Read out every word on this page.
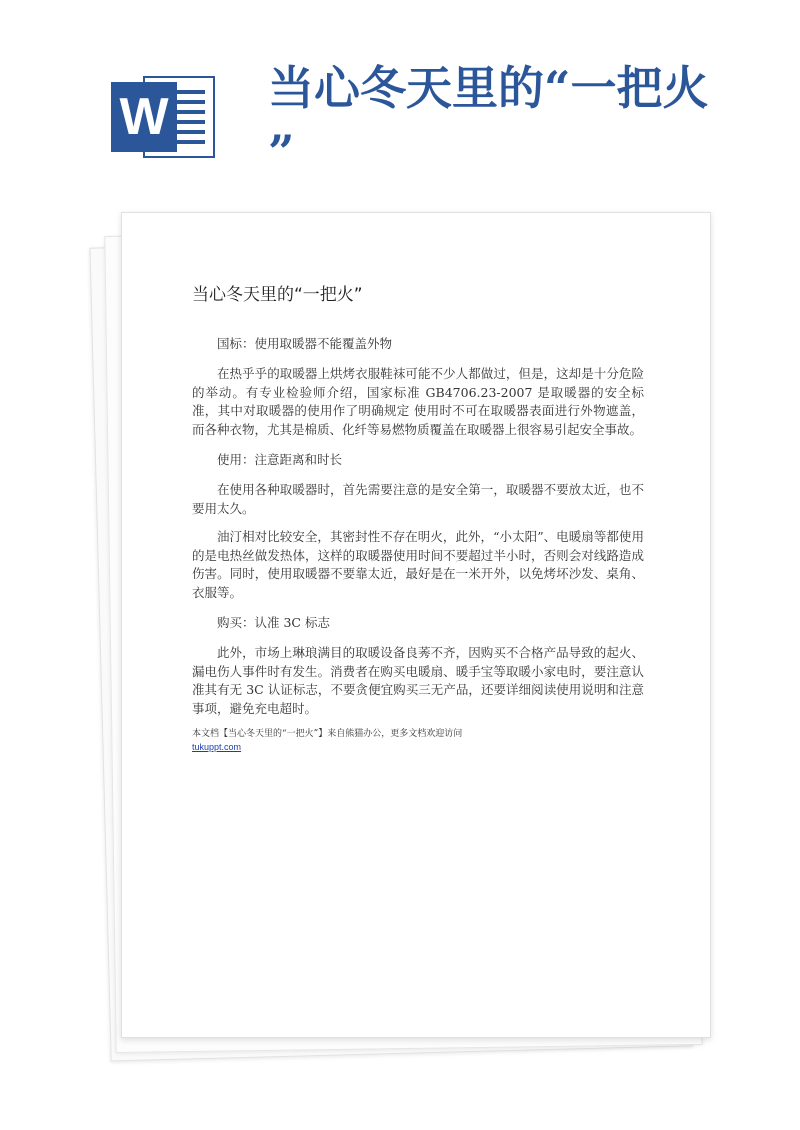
W 当心冬天里的“一把火
”
当心冬天里的“一把火”

国标：使用取暖器不能覆盖外物

在热乎乎的取暖器上烘烤衣服鞋袜可能不少人都做过，但是，这却是十分危险的举动。有专业检验师介绍，国家标准 GB4706.23-2007 是取暖器的安全标准，其中对取暖器的使用作了明确规定 使用时不可在取暖器表面进行外物遮盖，而各种衣物，尤其是棉质、化纤等易燃物质覆盖在取暖器上很容易引起安全事故。

使用：注意距离和时长

在使用各种取暖器时，首先需要注意的是安全第一，取暖器不要放太近，也不要用太久。

油汀相对比较安全，其密封性不存在明火，此外，“小太阳”、电暖扇等都使用的是电热丝做发热体，这样的取暖器使用时间不要超过半小时，否则会对线路造成伤害。同时，使用取暖器不要靠太近，最好是在一米开外，以免烤坏沙发、桌角、衣服等。

购买：认准 3C 标志

此外，市场上琳琅满目的取暖设备良莠不齐，因购买不合格产品导致的起火、漏电伤人事件时有发生。消费者在购买电暖扇、暖手宝等取暖小家电时，要注意认准其有无 3C 认证标志，不要贪便宜购买三无产品，还要详细阅读使用说明和注意事项，避免充电超时。

本文档【当心冬天里的“一把火”】来自熊猫办公，更多文档欢迎访问

tukuppt.com
